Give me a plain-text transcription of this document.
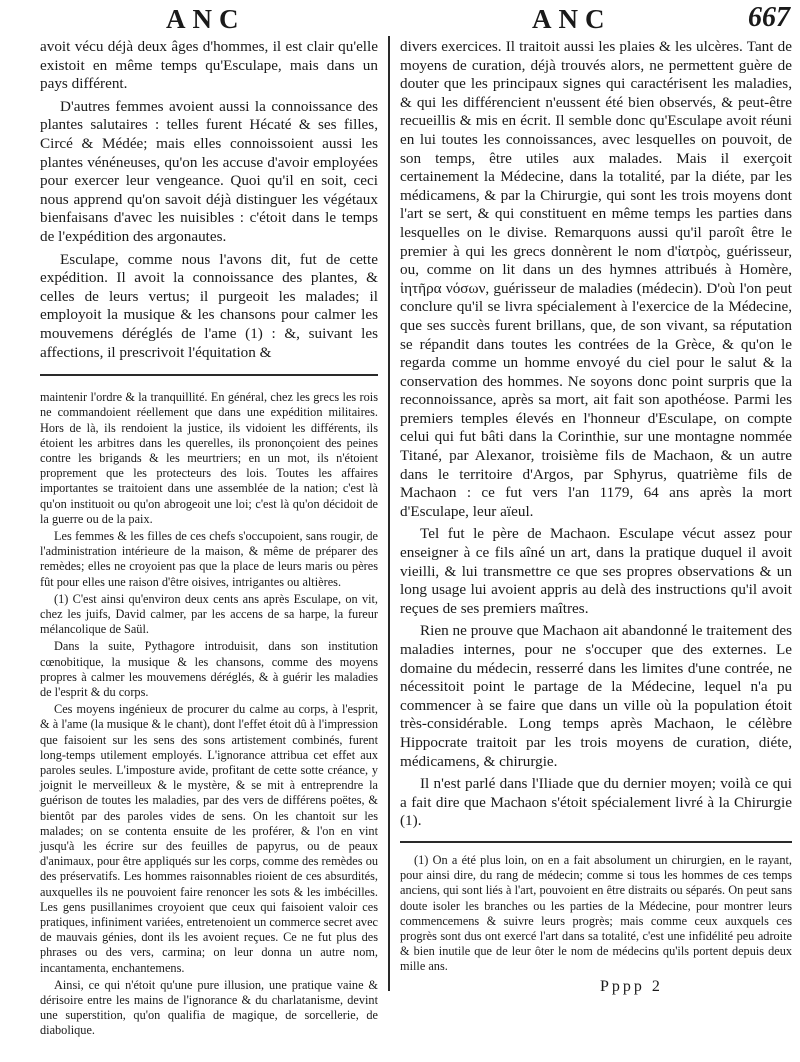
ANC	ANC	667

avoit vécu déjà deux âges d'hommes, il est clair qu'elle existoit en même temps qu'Esculape, mais dans un pays différent.

D'autres femmes avoient aussi la connoissance des plantes salutaires : telles furent Hécaté & ses filles, Circé & Médée; mais elles connoissoient aussi les plantes vénéneuses, qu'on les accuse d'avoir employées pour exercer leur vengeance. Quoi qu'il en soit, ceci nous apprend qu'on savoit déjà distinguer les végétaux bienfaisans d'avec les nuisibles : c'étoit dans le temps de l'expédition des argonautes.

Esculape, comme nous l'avons dit, fut de cette expédition. Il avoit la connoissance des plantes, & celles de leurs vertus; il purgeoit les malades; il employoit la musique & les chansons pour calmer les mouvemens déréglés de l'ame (1) : &, suivant les affections, il prescrivoit l'équitation &

maintenir l'ordre & la tranquillité. En général, chez les grecs les rois ne commandoient réellement que dans une expédition militaires. Hors de là, ils rendoient la justice, ils vidoient les différents, ils étoient les arbitres dans les querelles, ils prononçoient des peines contre les brigands & les meurtriers; en un mot, ils n'étoient proprement que les protecteurs des lois. Toutes les affaires importantes se traitoient dans une assemblée de la nation; c'est là qu'on instituoit ou qu'on abrogeoit une loi; c'est là qu'on décidoit de la guerre ou de la paix.

Les femmes & les filles de ces chefs s'occupoient, sans rougir, de l'administration intérieure de la maison, & même de préparer des remèdes; elles ne croyoient pas que la place de leurs maris ou pères fût pour elles une raison d'être oisives, intrigantes ou altières.

(1) C'est ainsi qu'environ deux cents ans après Esculape, on vit, chez les juifs, David calmer, par les accens de sa harpe, la fureur mélancolique de Saül.

Dans la suite, Pythagore introduisit, dans son institution cœnobitique, la musique & les chansons, comme des moyens propres à calmer les mouvemens déréglés, & à guérir les maladies de l'esprit & du corps.

Ces moyens ingénieux de procurer du calme au corps, à l'esprit, & à l'ame (la musique & le chant), dont l'effet étoit dû à l'impression que faisoient sur les sens des sons artistement combinés, furent long-temps utilement employés. L'ignorance attribua cet effet aux paroles seules. L'imposture avide, profitant de cette sotte créance, y joignit le merveilleux & le mystère, & se mit à entreprendre la guérison de toutes les maladies, par des vers de différens poëtes, & bientôt par des paroles vides de sens. On les chantoit sur les malades; on se contenta ensuite de les proférer, & l'on en vint jusqu'à les écrire sur des feuilles de papyrus, ou de peaux d'animaux, pour être appliqués sur les corps, comme des remèdes ou des préservatifs. Les hommes raisonnables rioient de ces absurdités, auxquelles ils ne pouvoient faire renoncer les sots & les imbécilles. Les gens pusillanimes croyoient que ceux qui faisoient valoir ces pratiques, infiniment variées, entretenoient un commerce secret avec de mauvais génies, dont ils les avoient reçues. Ce ne fut plus des phrases ou des vers, carmina; on leur donna un autre nom, incantamenta, enchantemens.

Ainsi, ce qui n'étoit qu'une pure illusion, une pratique vaine & dérisoire entre les mains de l'ignorance & du charlatanisme, devint une superstition, qu'on qualifia de magique, de sorcellerie, de diabolique.

divers exercices. Il traitoit aussi les plaies & les ulcères. Tant de moyens de curation, déjà trouvés alors, ne permettent guère de douter que les principaux signes qui caractérisent les maladies, & qui les différencient n'eussent été bien observés, & peut-être recueillis & mis en écrit. Il semble donc qu'Esculape avoit réuni en lui toutes les connoissances, avec lesquelles on pouvoit, de son temps, être utiles aux malades. Mais il exerçoit certainement la Médecine, dans la totalité, par la diéte, par les médicamens, & par la Chirurgie, qui sont les trois moyens dont l'art se sert, & qui constituent en même temps les parties dans lesquelles on le divise. Remarquons aussi qu'il paroît être le premier à qui les grecs donnèrent le nom d'ἰατρὸς, guérisseur, ou, comme on lit dans un des hymnes attribués à Homère, ἰητῆρα νόσων, guérisseur de maladies (médecin). D'où l'on peut conclure qu'il se livra spécialement à l'exercice de la Médecine, que ses succès furent brillans, que, de son vivant, sa réputation se répandit dans toutes les contrées de la Grèce, & qu'on le regarda comme un homme envoyé du ciel pour le salut & la conservation des hommes. Ne soyons donc point surpris que la reconnoissance, après sa mort, ait fait son apothéose. Parmi les premiers temples élevés en l'honneur d'Esculape, on compte celui qui fut bâti dans la Corinthie, sur une montagne nommée Titané, par Alexanor, troisième fils de Machaon, & un autre dans le territoire d'Argos, par Sphyrus, quatrième fils de Machaon : ce fut vers l'an 1179, 64 ans après la mort d'Esculape, leur aïeul.

Tel fut le père de Machaon. Esculape vécut assez pour enseigner à ce fils aîné un art, dans la pratique duquel il avoit vieilli, & lui transmettre ce que ses propres observations & un long usage lui avoient appris au delà des instructions qu'il avoit reçues de ses premiers maîtres.

Rien ne prouve que Machaon ait abandonné le traitement des maladies internes, pour ne s'occuper que des externes. Le domaine du médecin, resserré dans les limites d'une contrée, ne nécessitoit point le partage de la Médecine, lequel n'a pu commencer à se faire que dans un ville où la population étoit très-considérable. Long temps après Machaon, le célèbre Hippocrate traitoit par les trois moyens de curation, diéte, médicamens, & chirurgie.

Il n'est parlé dans l'Iliade que du dernier moyen; voilà ce qui a fait dire que Machaon s'étoit spécialement livré à la Chirurgie (1).

(1) On a été plus loin, on en a fait absolument un chirurgien, en le rayant, pour ainsi dire, du rang de médecin; comme si tous les hommes de ces temps anciens, qui sont liés à l'art, pouvoient en être distraits ou séparés. On peut sans doute isoler les branches ou les parties de la Médecine, pour montrer leurs commencemens & suivre leurs progrès; mais comme ceux auxquels ces progrès sont dus ont exercé l'art dans sa totalité, c'est une infidélité peu adroite & bien inutile que de leur ôter le nom de médecins qu'ils portent depuis deux mille ans.

Pppp 2
